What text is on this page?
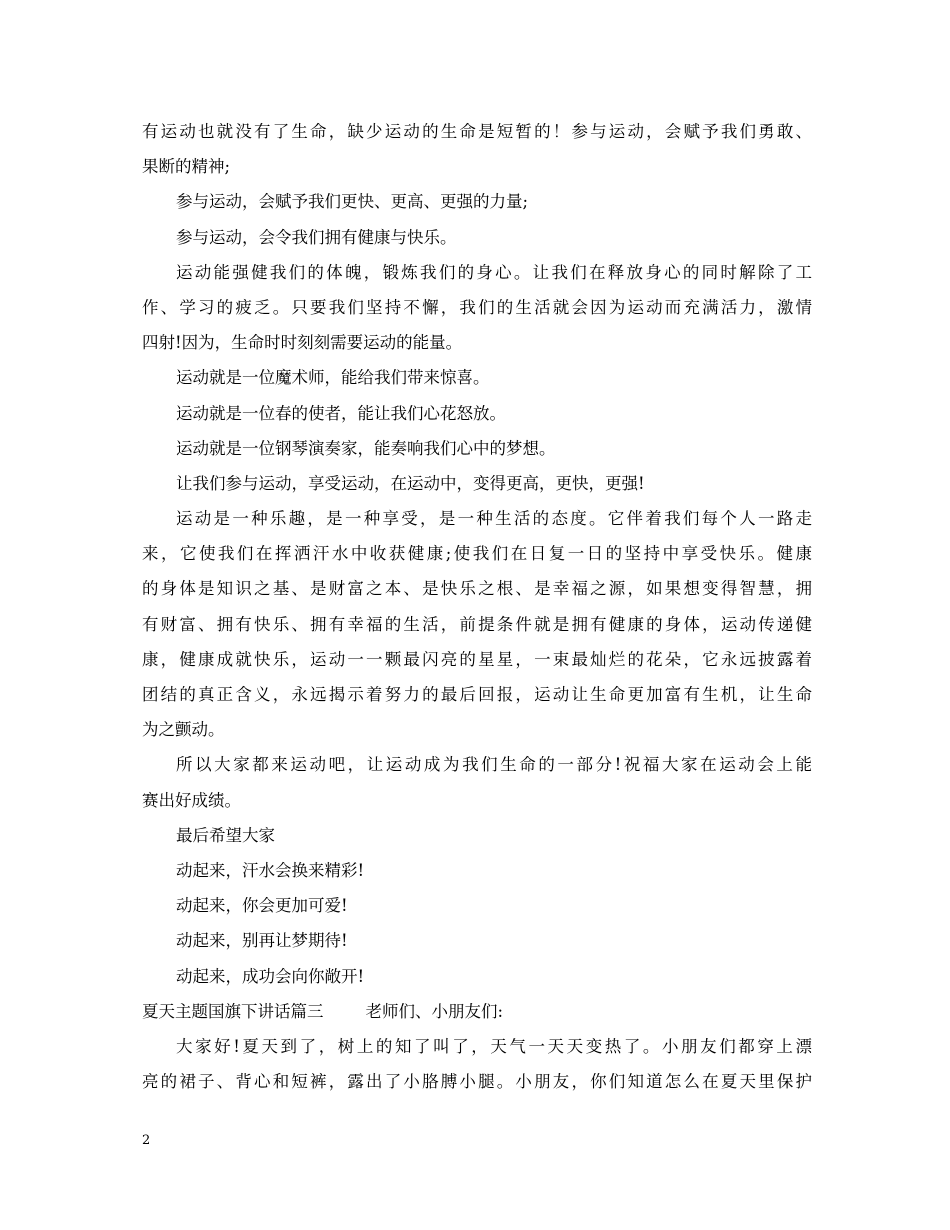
有运动也就没有了生命，缺少运动的生命是短暂的！参与运动，会赋予我们勇敢、
果断的精神;
参与运动，会赋予我们更快、更高、更强的力量;
参与运动，会令我们拥有健康与快乐。
运动能强健我们的体魄，锻炼我们的身心。让我们在释放身心的同时解除了工
作、学习的疲乏。只要我们坚持不懈，我们的生活就会因为运动而充满活力，激情
四射!因为，生命时时刻刻需要运动的能量。
运动就是一位魔术师，能给我们带来惊喜。
运动就是一位春的使者，能让我们心花怒放。
运动就是一位钢琴演奏家，能奏响我们心中的梦想。
让我们参与运动，享受运动，在运动中，变得更高，更快，更强!
运动是一种乐趣，是一种享受，是一种生活的态度。它伴着我们每个人一路走
来，它使我们在挥洒汗水中收获健康;使我们在日复一日的坚持中享受快乐。健康
的身体是知识之基、是财富之本、是快乐之根、是幸福之源，如果想变得智慧，拥
有财富、拥有快乐、拥有幸福的生活，前提条件就是拥有健康的身体，运动传递健
康，健康成就快乐，运动一一颗最闪亮的星星，一束最灿烂的花朵，它永远披露着
团结的真正含义，永远揭示着努力的最后回报，运动让生命更加富有生机，让生命
为之颤动。
所以大家都来运动吧，让运动成为我们生命的一部分!祝福大家在运动会上能
赛出好成绩。
最后希望大家
动起来，汗水会换来精彩!
动起来，你会更加可爱!
动起来，别再让梦期待!
动起来，成功会向你敞开!
夏天主题国旗下讲话篇三	老师们、小朋友们:
大家好!夏天到了，树上的知了叫了，天气一天天变热了。小朋友们都穿上漂
亮的裙子、背心和短裤，露出了小胳膊小腿。小朋友，你们知道怎么在夏天里保护
2
